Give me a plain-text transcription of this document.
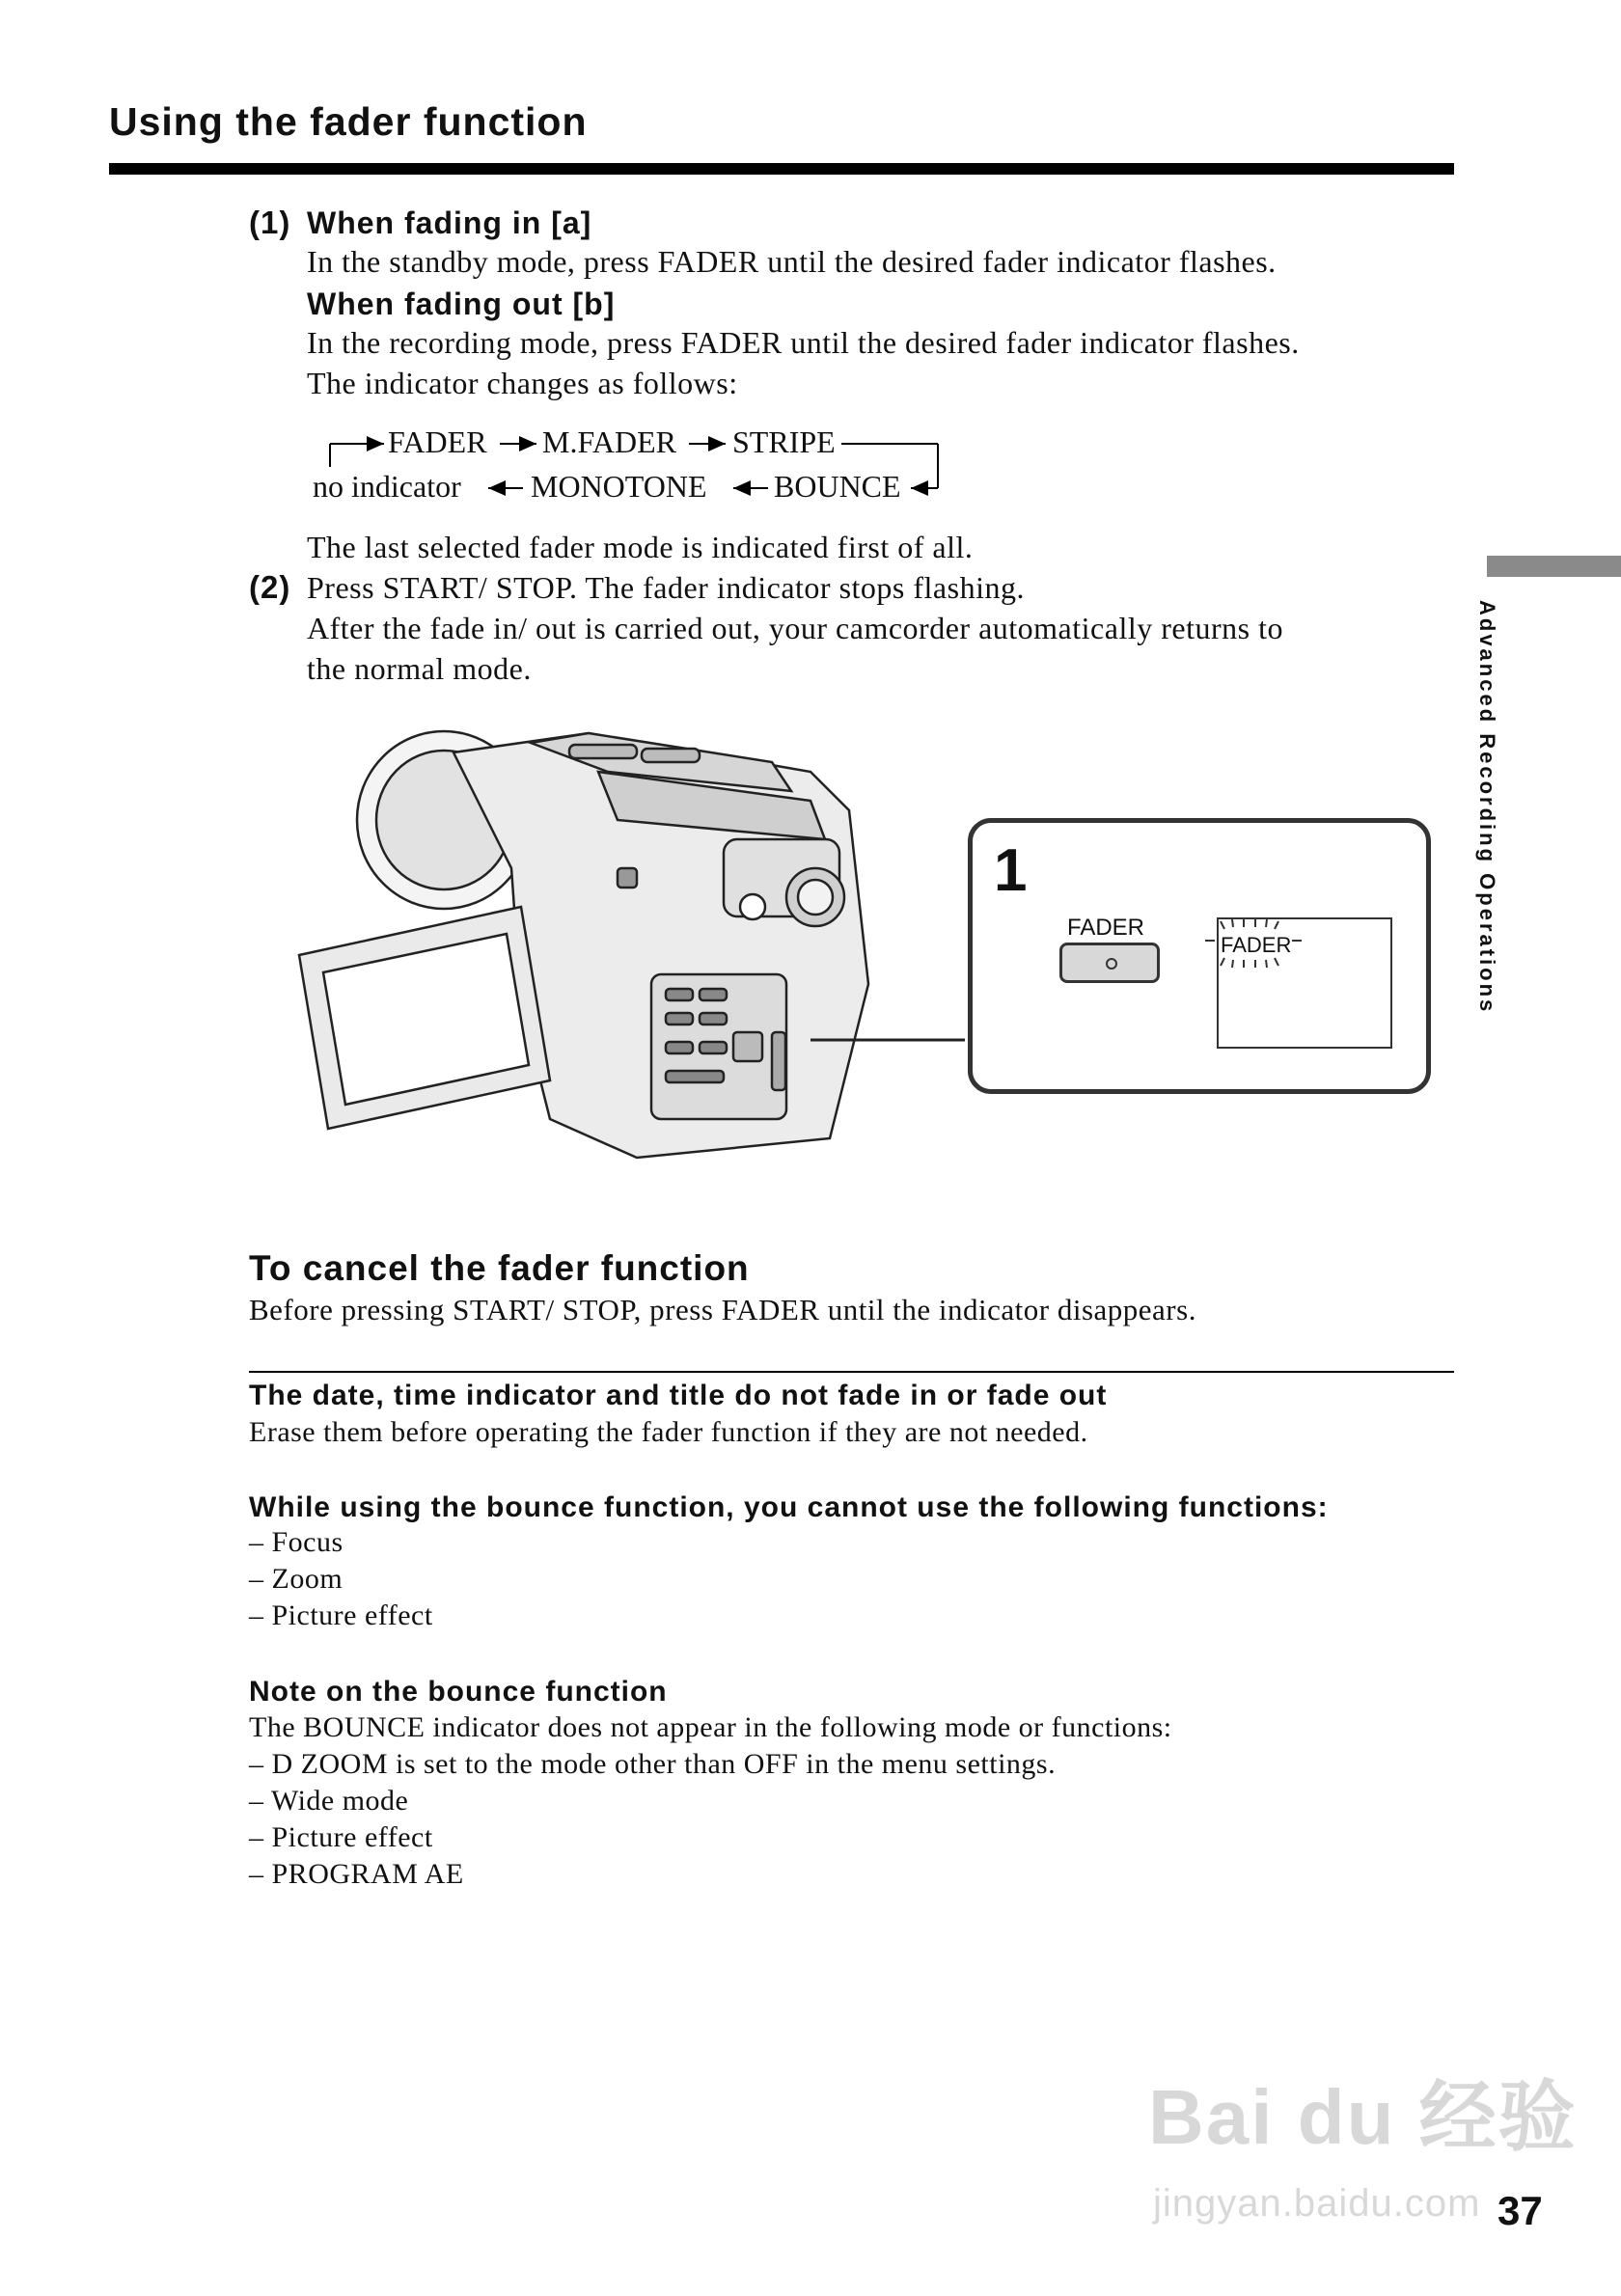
Using the fader function
(1) When fading in [a]
In the standby mode, press FADER until the desired fader indicator flashes.
When fading out [b]
In the recording mode, press FADER until the desired fader indicator flashes.
The indicator changes as follows:
FADER M.FADER STRIPE
no indicator MONOTONE BOUNCE
The last selected fader mode is indicated first of all.
(2) Press START/ STOP. The fader indicator stops flashing.
After the fade in/ out is carried out, your camcorder automatically returns to
the normal mode.
1
FADER
FADER
To cancel the fader function
Before pressing START/ STOP, press FADER until the indicator disappears.
The date, time indicator and title do not fade in or fade out
Erase them before operating the fader function if they are not needed.
While using the bounce function, you cannot use the following functions:
– Focus
– Zoom
– Picture effect
Note on the bounce function
The BOUNCE indicator does not appear in the following mode or functions:
– D ZOOM is set to the mode other than OFF in the menu settings.
– Wide mode
– Picture effect
– PROGRAM AE
Advanced Recording Operations
Bai du 经验
jingyan.baidu.com 37
